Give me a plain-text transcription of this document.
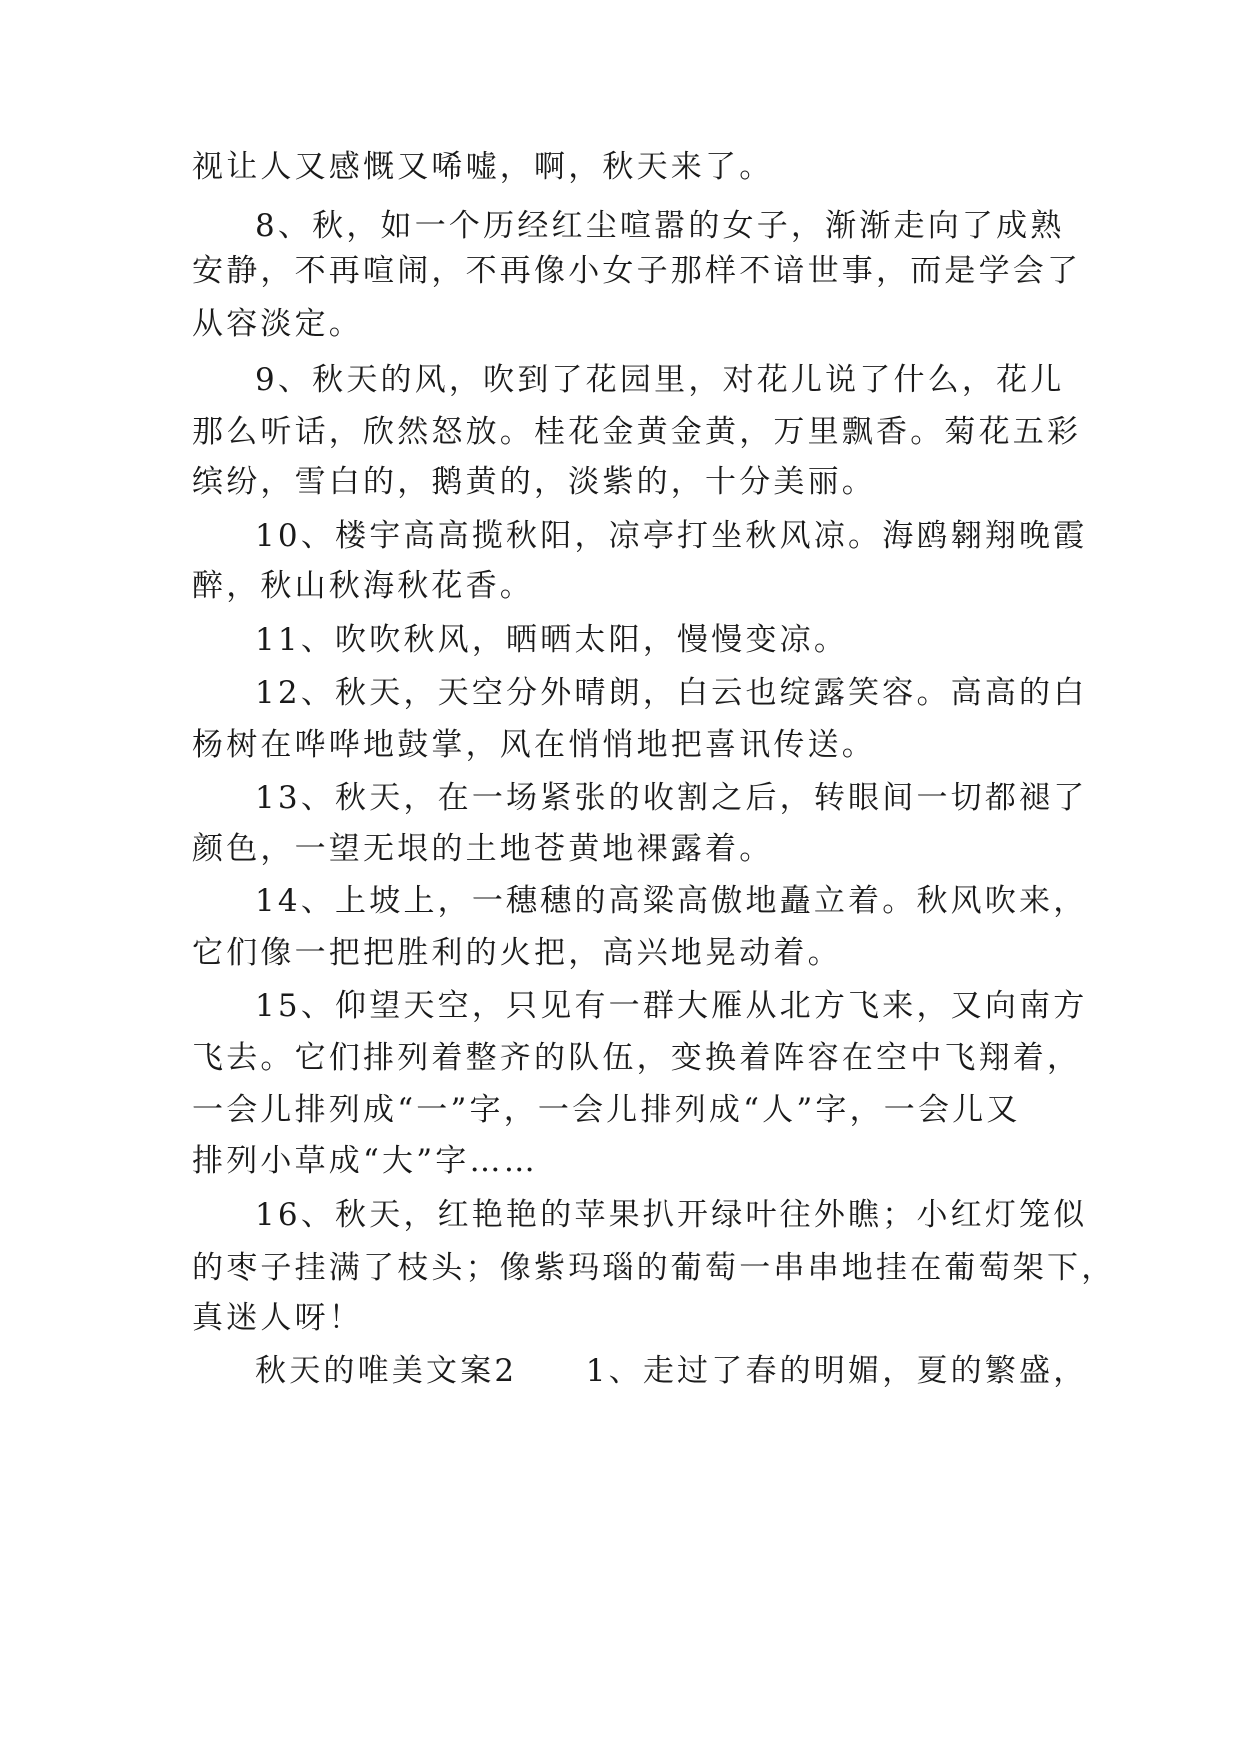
视让人又感慨又唏嘘，啊，秋天来了。
8、秋，如一个历经红尘喧嚣的女子，渐渐走向了成熟
安静，不再喧闹，不再像小女子那样不谙世事，而是学会了
从容淡定。
9、秋天的风，吹到了花园里，对花儿说了什么，花儿
那么听话，欣然怒放。桂花金黄金黄，万里飘香。菊花五彩
缤纷，雪白的，鹅黄的，淡紫的，十分美丽。
10、楼宇高高揽秋阳，凉亭打坐秋风凉。海鸥翱翔晚霞
醉，秋山秋海秋花香。
11、吹吹秋风，晒晒太阳，慢慢变凉。
12、秋天，天空分外晴朗，白云也绽露笑容。高高的白
杨树在哗哗地鼓掌，风在悄悄地把喜讯传送。
13、秋天，在一场紧张的收割之后，转眼间一切都褪了
颜色，一望无垠的土地苍黄地裸露着。
14、上坡上，一穗穗的高粱高傲地矗立着。秋风吹来，
它们像一把把胜利的火把，高兴地晃动着。
15、仰望天空，只见有一群大雁从北方飞来，又向南方
飞去。它们排列着整齐的队伍，变换着阵容在空中飞翔着，
一会儿排列成“一”字，一会儿排列成“人”字，一会儿又
排列小草成“大”字……
16、秋天，红艳艳的苹果扒开绿叶往外瞧；小红灯笼似
的枣子挂满了枝头；像紫玛瑙的葡萄一串串地挂在葡萄架下，
真迷人呀！
秋天的唯美文案2　　1、走过了春的明媚，夏的繁盛，
